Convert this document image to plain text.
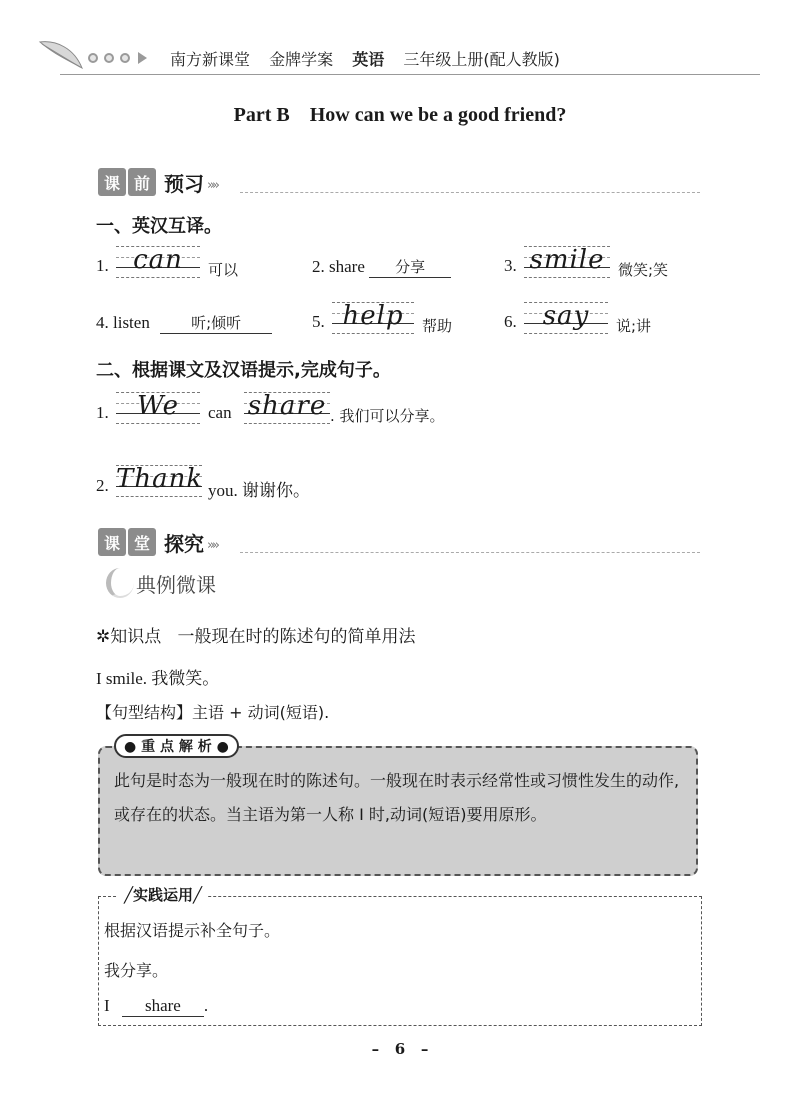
南方新课堂 金牌学案 英语 三年级上册(配人教版)
Part B    How can we be a good friend?
课 前 预习 »»
一、英汉互译。
1. can	可以	2. share 分享	3. smile 微笑;笑
4. listen	听;倾听	5. help	帮助	6. say	说;讲
二、根据课文及汉语提示,完成句子。
1.	We	can share . 我们可以分享。
2. Thank you. 谢谢你。
课 堂 探究 »»
典例微课
✲知识点   一般现在时的陈述句的简单用法
I smile. 我微笑。
【句型结构】主语 + 动词(短语).
● 重 点 解 析 ●
此句是时态为一般现在时的陈述句。一般现在时表示经常性或习惯性发生的动作,或存在的状态。当主语为第一人称 I 时,动词(短语)要用原形。
╱实践运用╱
根据汉语提示补全句子。
我分享。
I share .
–   6   –
